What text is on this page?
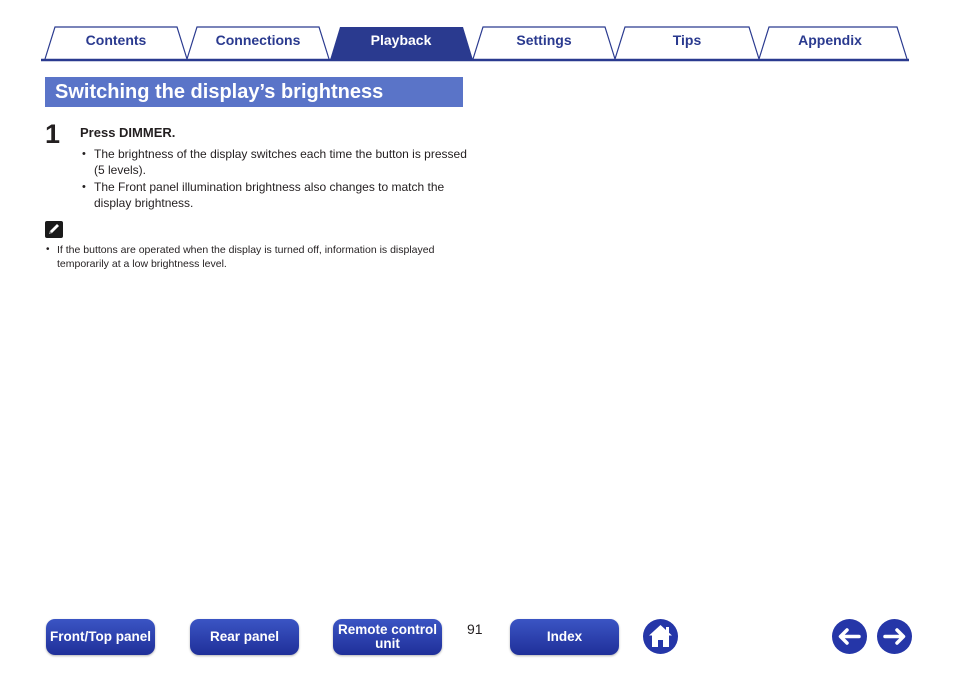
Contents	Connections	Playback	Settings	Tips	Appendix
Switching the display’s brightness
1 Press DIMMER.
• The brightness of the display switches each time the button is pressed (5 levels).
• The Front panel illumination brightness also changes to match the display brightness.
• If the buttons are operated when the display is turned off, information is displayed temporarily at a low brightness level.
Front/Top panel	Rear panel	Remote control unit
91	Index
